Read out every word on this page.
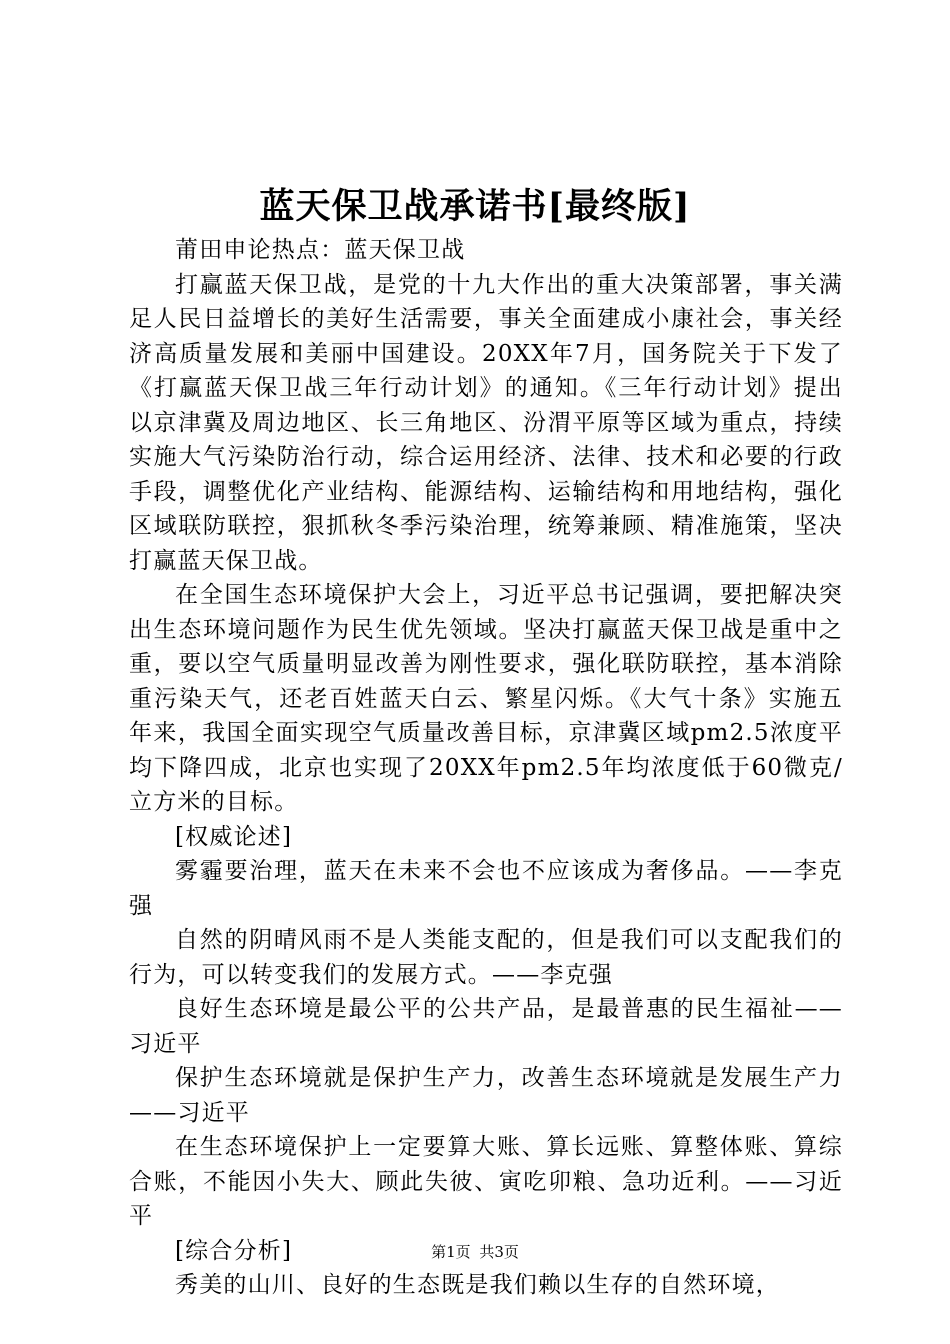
蓝天保卫战承诺书[最终版]

莆田申论热点：蓝天保卫战

打赢蓝天保卫战，是党的十九大作出的重大决策部署，事关满足人民日益增长的美好生活需要，事关全面建成小康社会，事关经济高质量发展和美丽中国建设。20XX年7月，国务院关于下发了《打赢蓝天保卫战三年行动计划》的通知。《三年行动计划》提出以京津冀及周边地区、长三角地区、汾渭平原等区域为重点，持续实施大气污染防治行动，综合运用经济、法律、技术和必要的行政手段，调整优化产业结构、能源结构、运输结构和用地结构，强化区域联防联控，狠抓秋冬季污染治理，统筹兼顾、精准施策，坚决打赢蓝天保卫战。

在全国生态环境保护大会上，习近平总书记强调，要把解决突出生态环境问题作为民生优先领域。坚决打赢蓝天保卫战是重中之重，要以空气质量明显改善为刚性要求，强化联防联控，基本消除重污染天气，还老百姓蓝天白云、繁星闪烁。《大气十条》实施五年来，我国全面实现空气质量改善目标，京津冀区域pm2.5浓度平均下降四成，北京也实现了20XX年pm2.5年均浓度低于60微克/立方米的目标。

[权威论述]

雾霾要治理，蓝天在未来不会也不应该成为奢侈品。——李克强

自然的阴晴风雨不是人类能支配的，但是我们可以支配我们的行为，可以转变我们的发展方式。——李克强

良好生态环境是最公平的公共产品，是最普惠的民生福祉——习近平

保护生态环境就是保护生产力，改善生态环境就是发展生产力——习近平

在生态环境保护上一定要算大账、算长远账、算整体账、算综合账，不能因小失大、顾此失彼、寅吃卯粮、急功近利。——习近平

[综合分析]

秀美的山川、良好的生态既是我们赖以生存的自然环境，

第1页 共3页
